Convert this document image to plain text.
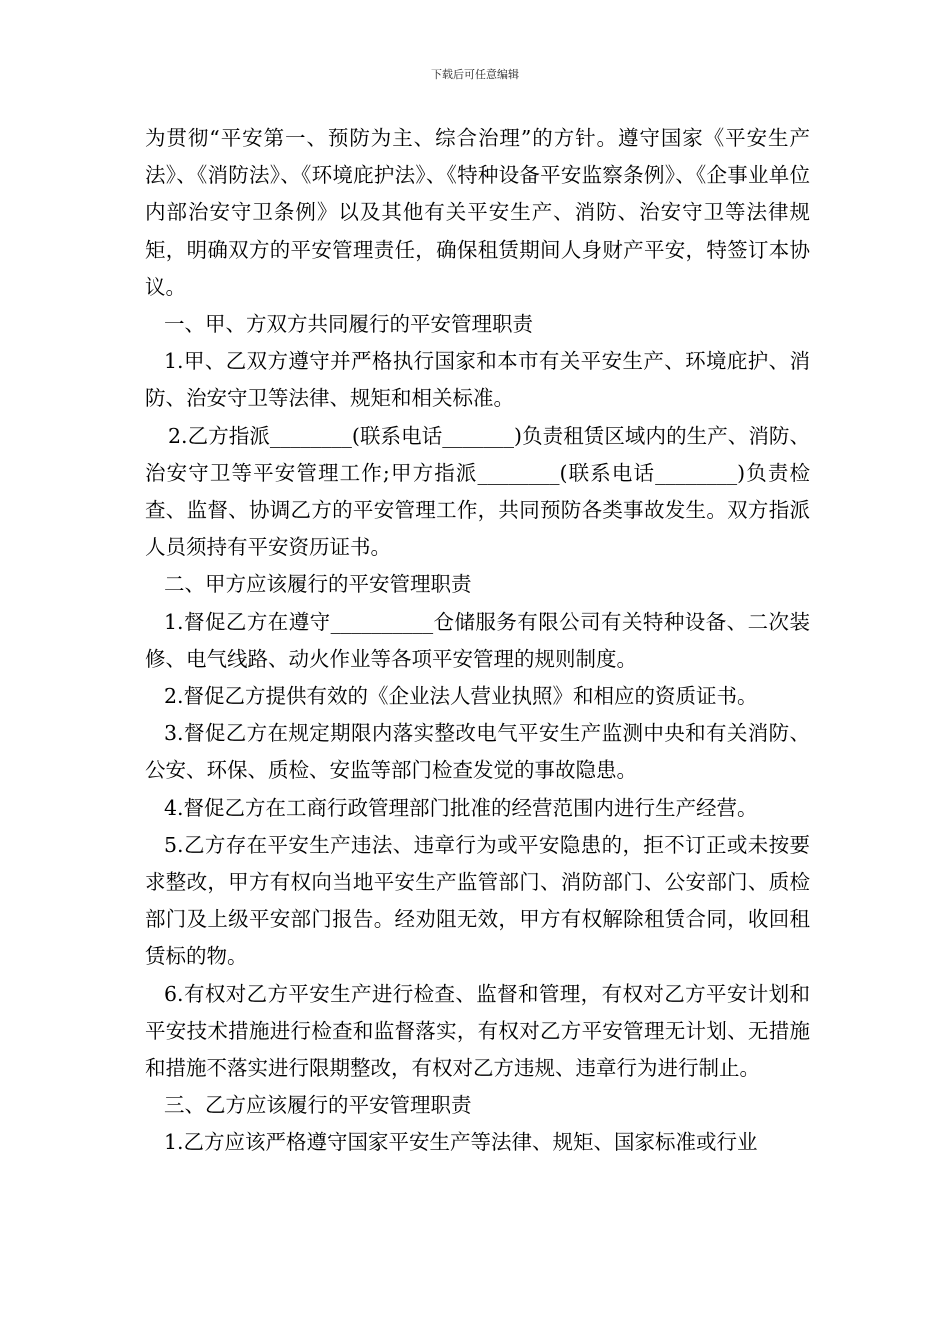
下载后可任意编辑

为贯彻“平安第一、预防为主、综合治理”的方针。遵守国家《平安生产法》、《消防法》、《环境庇护法》、《特种设备平安监察条例》、《企事业单位内部治安守卫条例》以及其他有关平安生产、消防、治安守卫等法律规矩，明确双方的平安管理责任，确保租赁期间人身财产平安，特签订本协议。

一、甲、方双方共同履行的平安管理职责

1.甲、乙双方遵守并严格执行国家和本市有关平安生产、环境庇护、消防、治安守卫等法律、规矩和相关标准。

2.乙方指派________(联系电话_______)负责租赁区域内的生产、消防、治安守卫等平安管理工作;甲方指派________(联系电话________)负责检查、监督、协调乙方的平安管理工作，共同预防各类事故发生。双方指派人员须持有平安资历证书。

二、甲方应该履行的平安管理职责

1.督促乙方在遵守__________仓储服务有限公司有关特种设备、二次装修、电气线路、动火作业等各项平安管理的规则制度。

2.督促乙方提供有效的《企业法人营业执照》和相应的资质证书。

3.督促乙方在规定期限内落实整改电气平安生产监测中央和有关消防、公安、环保、质检、安监等部门检查发觉的事故隐患。

4.督促乙方在工商行政管理部门批准的经营范围内进行生产经营。

5.乙方存在平安生产违法、违章行为或平安隐患的，拒不订正或未按要求整改，甲方有权向当地平安生产监管部门、消防部门、公安部门、质检部门及上级平安部门报告。经劝阻无效，甲方有权解除租赁合同，收回租赁标的物。

6.有权对乙方平安生产进行检查、监督和管理，有权对乙方平安计划和平安技术措施进行检查和监督落实，有权对乙方平安管理无计划、无措施和措施不落实进行限期整改，有权对乙方违规、违章行为进行制止。

三、乙方应该履行的平安管理职责

1.乙方应该严格遵守国家平安生产等法律、规矩、国家标准或行业
